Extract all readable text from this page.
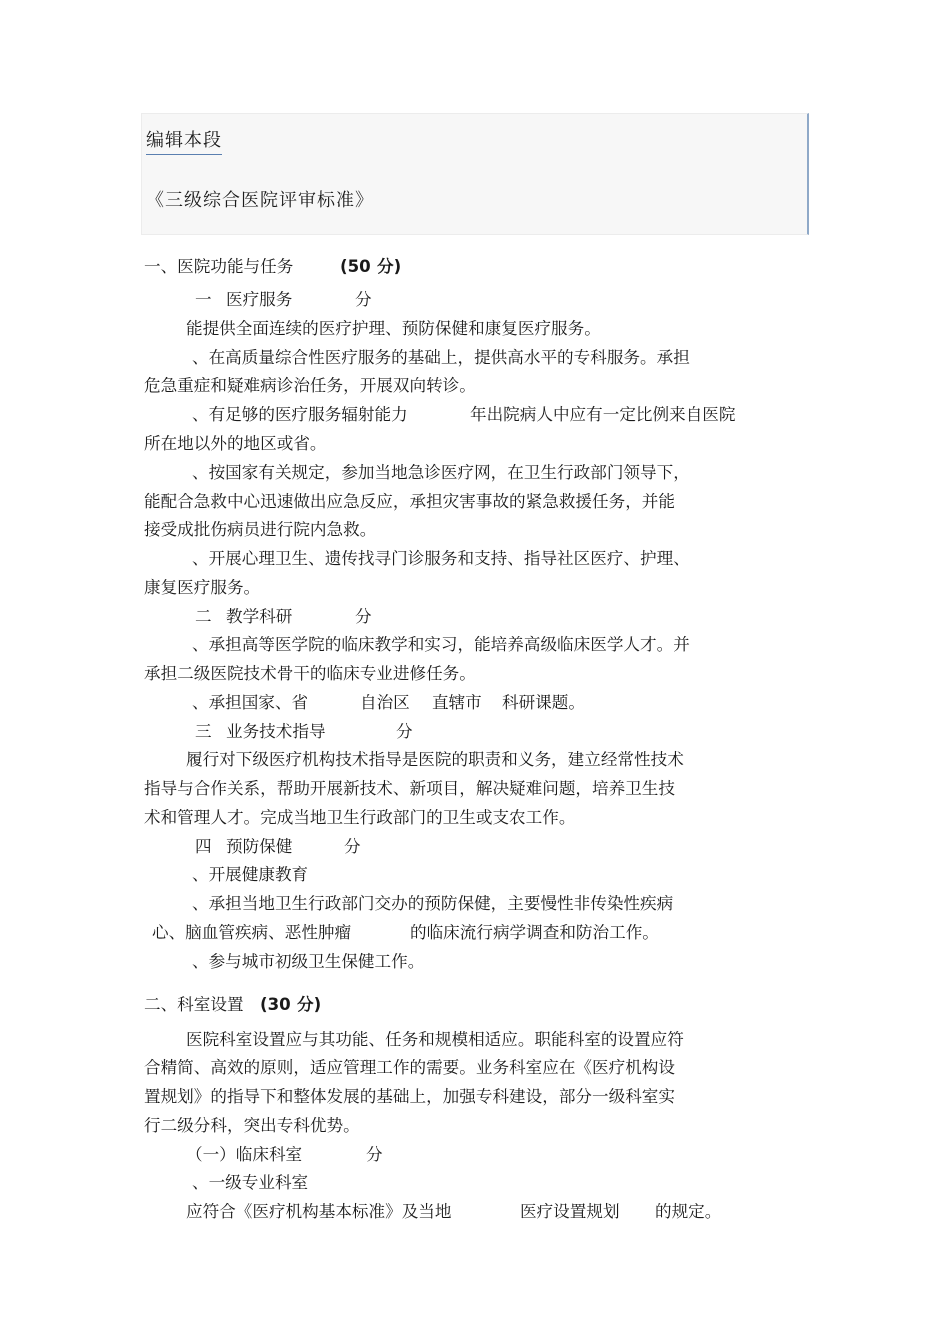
编辑本段
《三级综合医院评审标准》
一、医院功能与任务	(50 分)
一 医疗服务	分
能提供全面连续的医疗护理、预防保健和康复医疗服务。
、在高质量综合性医疗服务的基础上，提供高水平的专科服务。承担
危急重症和疑难病诊治任务，开展双向转诊。
、有足够的医疗服务辐射能力	年出院病人中应有一定比例来自医院
所在地以外的地区或省。
、按国家有关规定，参加当地急诊医疗网，在卫生行政部门领导下，
能配合急救中心迅速做出应急反应，承担灾害事故的紧急救援任务，并能
接受成批伤病员进行院内急救。
、开展心理卫生、遗传找寻门诊服务和支持、指导社区医疗、护理、
康复医疗服务。
二 教学科研	分
、承担高等医学院的临床教学和实习，能培养高级临床医学人才。并
承担二级医院技术骨干的临床专业进修任务。
、承担国家、省	自治区 直辖市 科研课题。
三 业务技术指导	分
履行对下级医疗机构技术指导是医院的职责和义务，建立经常性技术
指导与合作关系，帮助开展新技术、新项目，解决疑难问题，培养卫生技
术和管理人才。完成当地卫生行政部门的卫生或支农工作。
四 预防保健	分
、开展健康教育
、承担当地卫生行政部门交办的预防保健，主要慢性非传染性疾病
心、脑血管疾病、恶性肿瘤	的临床流行病学调查和防治工作。
、参与城市初级卫生保健工作。
二、科室设置 (30 分)
医院科室设置应与其功能、任务和规模相适应。职能科室的设置应符
合精简、高效的原则，适应管理工作的需要。业务科室应在《医疗机构设
置规划》的指导下和整体发展的基础上，加强专科建设，部分一级科室实
行二级分科，突出专科优势。
（一）临床科室	分
、一级专业科室
应符合《医疗机构基本标准》及当地	医疗设置规划 的规定。
